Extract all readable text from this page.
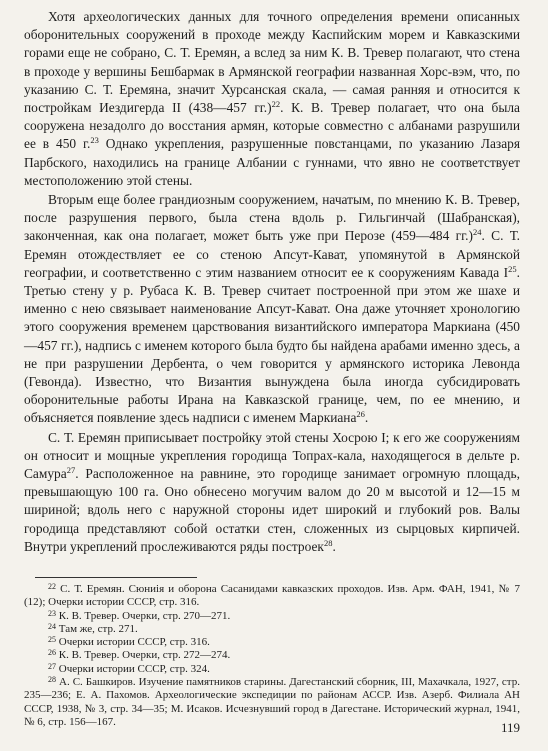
Хотя археологических данных для точного определения времени описанных оборонительных сооружений в проходе между Каспийским морем и Кавказскими горами еще не собрано, С. Т. Еремян, а вслед за ним К. В. Тревер полагают, что стена в проходе у вершины Бешбармак в Армянской географии названная Хорс-вэм, что, по указанию С. Т. Еремяна, значит Хурсанская скала, — самая ранняя и относится к постройкам Иездигерда II (438—457 гг.)$^{22}$. К. В. Тревер полагает, что она была сооружена незадолго до восстания армян, которые совместно с албанами разрушили ее в 450 г.$^{23}$ Однако укрепления, разрушенные повстанцами, по указанию Лазаря Парбского, находились на границе Албании с гуннами, что явно не соответствует местоположению этой стены.

Вторым еще более грандиозным сооружением, начатым, по мнению К. В. Тревер, после разрушения первого, была стена вдоль р. Гильгинчай (Шабранская), законченная, как она полагает, может быть уже при Перозе (459—484 гг.)$^{24}$. С. Т. Еремян отождествляет ее со стеною Апсут-Кават, упомянутой в Армянской географии, и соответственно с этим названием относит ее к сооружениям Кавада $I^{25}$. Третью стену у р. Рубаса К. В. Тревер считает построенной при этом же шахе и именно с нею связывает наименование Апсут-Кават. Она даже уточняет хронологию этого сооружения временем царствования византийского императора Маркиана (450—457 гг.), надпись с именем которого была будто бы найдена арабами именно здесь, а не при разрушении Дербента, о чем говорится у армянского историка Левонда (Гевонда). Известно, что Византия вынуждена была иногда субсидировать оборонительные работы Ирана на Кавказской границе, чем, по ее мнению, и объясняется появление здесь надписи с именем Маркиана$^{26}$.

С. Т. Еремян приписывает постройку этой стены Хосрою I; к его же сооружениям он относит и мощные укрепления городища Топрах-кала, находящегося в дельте р. Самура$^{27}$. Расположенное на равнине, это городище занимает огромную площадь, превышающую 100 га. Оно обнесено могучим валом до 20 м высотой и 12—15 м шириной; вдоль него с наружной стороны идет широкий и глубокий ров. Валы городища представляют собой остатки стен, сложенных из сырцовых кирпичей. Внутри укреплений прослеживаются ряды построек$^{28}$.

$^{22}$ С. Т. Еремян. Сюниія и оборона Сасанидами кавказских проходов. Изв. Арм. ФАН, 1941, № 7 (12); Очерки истории СССР, стр. 316.
$^{23}$ К. В. Тревер. Очерки, стр. 270—271.
$^{24}$ Там же, стр. 271.
$^{25}$ Очерки истории СССР, стр. 316.
$^{26}$ К. В. Тревер. Очерки, стр. 272—274.
$^{27}$ Очерки истории СССР, стр. 324.
$^{28}$ А. С. Башкиров. Изучение памятников старины. Дагестанский сборник, III, Махачкала, 1927, стр. 235—236; Е. А. Пахомов. Археологические экспедиции по районам АССР. Изв. Азерб. Филиала АН СССР, 1938, № 3, стр. 34—35; М. Исаков. Исчезнувший город в Дагестане. Исторический журнал, 1941, № 6, стр. 156—167.	119
